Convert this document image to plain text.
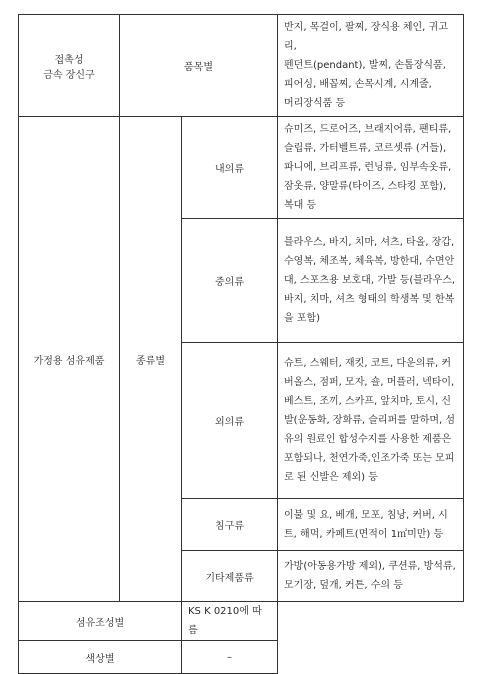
접촉성
금속 장신구	품목별		반지, 목걸이, 팔찌, 장식용 체인, 귀고리,
펜던트(pendant), 발찌, 손톱장식품,
피어싱, 배꼽찌, 손목시계, 시계줄,
머리장식품 등

가정용 섬유제품	종류별	내의류	슈미즈, 드로어즈, 브래지어류, 팬티류, 슬립류, 가터벨트류, 코르셋류 (거들), 파니에, 브리프류, 런닝류, 임부속옷류, 잠옷류, 양말류(타이즈, 스타킹 포함), 복대 등
		중의류	블라우스, 바지, 치마, 셔츠, 타올, 장갑, 수영복, 체조복, 체육복, 방한대, 수면안대, 스포츠용 보호대, 가발 등(블라우스, 바지, 치마, 셔츠 형태의 학생복 및 한복을 포함)
		외의류	슈트, 스웨터, 재킷, 코트, 다운의류, 커버올스, 점퍼, 모자, 숄, 머플러, 넥타이, 베스트, 조끼, 스카프, 앞치마, 토시, 신발(운동화, 장화류, 슬리퍼를 말하며, 섬유의 원료인 합성수지를 사용한 제품은 포함되나, 천연가죽,인조가죽 또는 모피로 된 신발은 제외) 등
		침구류	이불 및 요, 베개, 모포, 침낭, 커버, 시트, 해먹, 카페트(면적이 1㎡미만) 등
		기타제품류	가방(아동용가방 제외), 쿠션류, 방석류, 모기장, 덮개, 커튼, 수의 등
섬유조성별		KS K 0210에 따름	
색상별		–	
